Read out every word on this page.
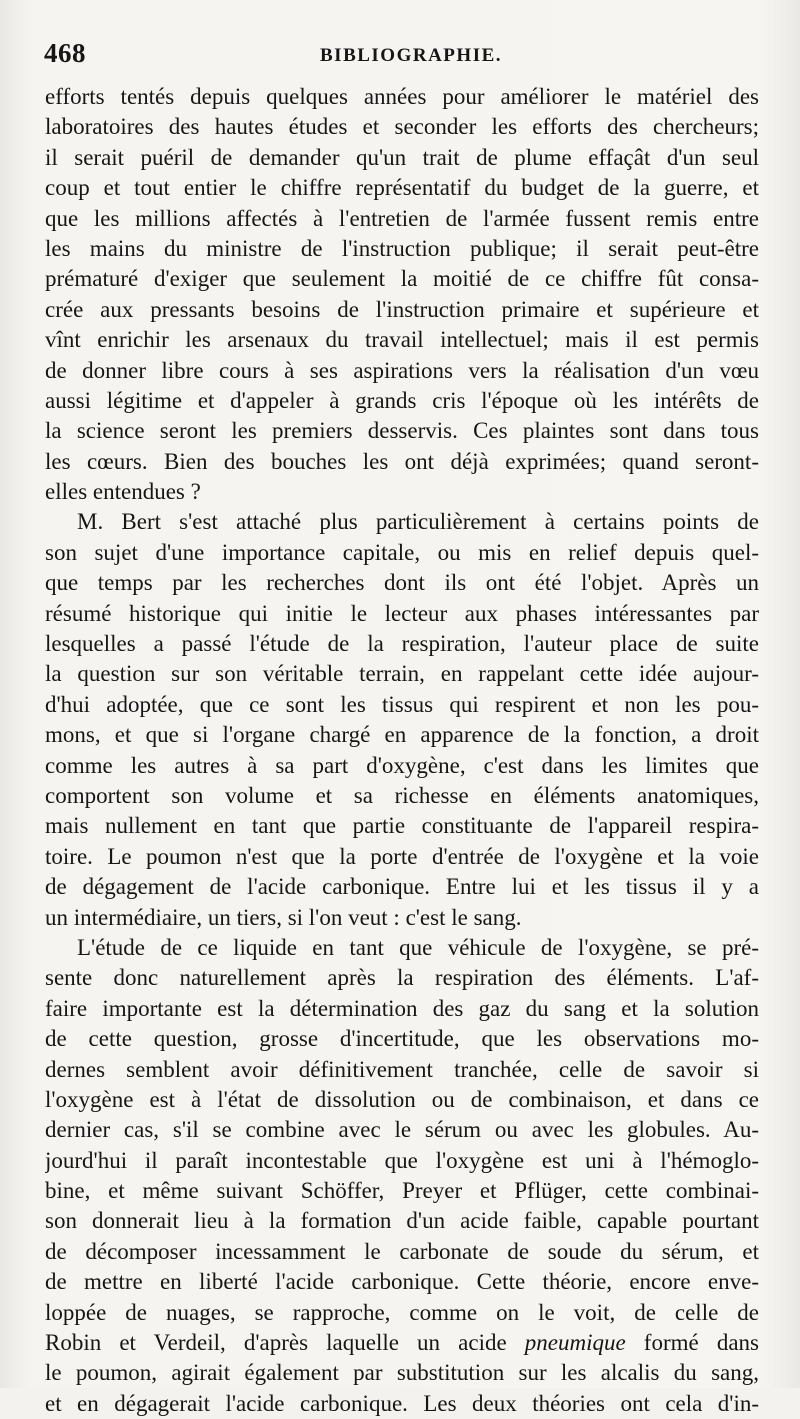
468	BIBLIOGRAPHIE.
efforts tentés depuis quelques années pour améliorer le matériel des
laboratoires des hautes études et seconder les efforts des chercheurs;
il serait puéril de demander qu'un trait de plume effaçât d'un seul
coup et tout entier le chiffre représentatif du budget de la guerre, et
que les millions affectés à l'entretien de l'armée fussent remis entre
les mains du ministre de l'instruction publique; il serait peut-être
prématuré d'exiger que seulement la moitié de ce chiffre fût consa-
crée aux pressants besoins de l'instruction primaire et supérieure et
vînt enrichir les arsenaux du travail intellectuel; mais il est permis
de donner libre cours à ses aspirations vers la réalisation d'un vœu
aussi légitime et d'appeler à grands cris l'époque où les intérêts de
la science seront les premiers desservis. Ces plaintes sont dans tous
les cœurs. Bien des bouches les ont déjà exprimées; quand seront-
elles entendues ?
M. Bert s'est attaché plus particulièrement à certains points de
son sujet d'une importance capitale, ou mis en relief depuis quel-
que temps par les recherches dont ils ont été l'objet. Après un
résumé historique qui initie le lecteur aux phases intéressantes par
lesquelles a passé l'étude de la respiration, l'auteur place de suite
la question sur son véritable terrain, en rappelant cette idée aujour-
d'hui adoptée, que ce sont les tissus qui respirent et non les pou-
mons, et que si l'organe chargé en apparence de la fonction, a droit
comme les autres à sa part d'oxygène, c'est dans les limites que
comportent son volume et sa richesse en éléments anatomiques,
mais nullement en tant que partie constituante de l'appareil respira-
toire. Le poumon n'est que la porte d'entrée de l'oxygène et la voie
de dégagement de l'acide carbonique. Entre lui et les tissus il y a
un intermédiaire, un tiers, si l'on veut : c'est le sang.
L'étude de ce liquide en tant que véhicule de l'oxygène, se pré-
sente donc naturellement après la respiration des éléments. L'af-
faire importante est la détermination des gaz du sang et la solution
de cette question, grosse d'incertitude, que les observations mo-
dernes semblent avoir définitivement tranchée, celle de savoir si
l'oxygène est à l'état de dissolution ou de combinaison, et dans ce
dernier cas, s'il se combine avec le sérum ou avec les globules. Au-
jourd'hui il paraît incontestable que l'oxygène est uni à l'hémoglo-
bine, et même suivant Schöffer, Preyer et Pflüger, cette combinai-
son donnerait lieu à la formation d'un acide faible, capable pourtant
de décomposer incessamment le carbonate de soude du sérum, et
de mettre en liberté l'acide carbonique. Cette théorie, encore enve-
loppée de nuages, se rapproche, comme on le voit, de celle de
Robin et Verdeil, d'après laquelle un acide pneumique formé dans
le poumon, agirait également par substitution sur les alcalis du sang,
et en dégagerait l'acide carbonique. Les deux théories ont cela d'in-
